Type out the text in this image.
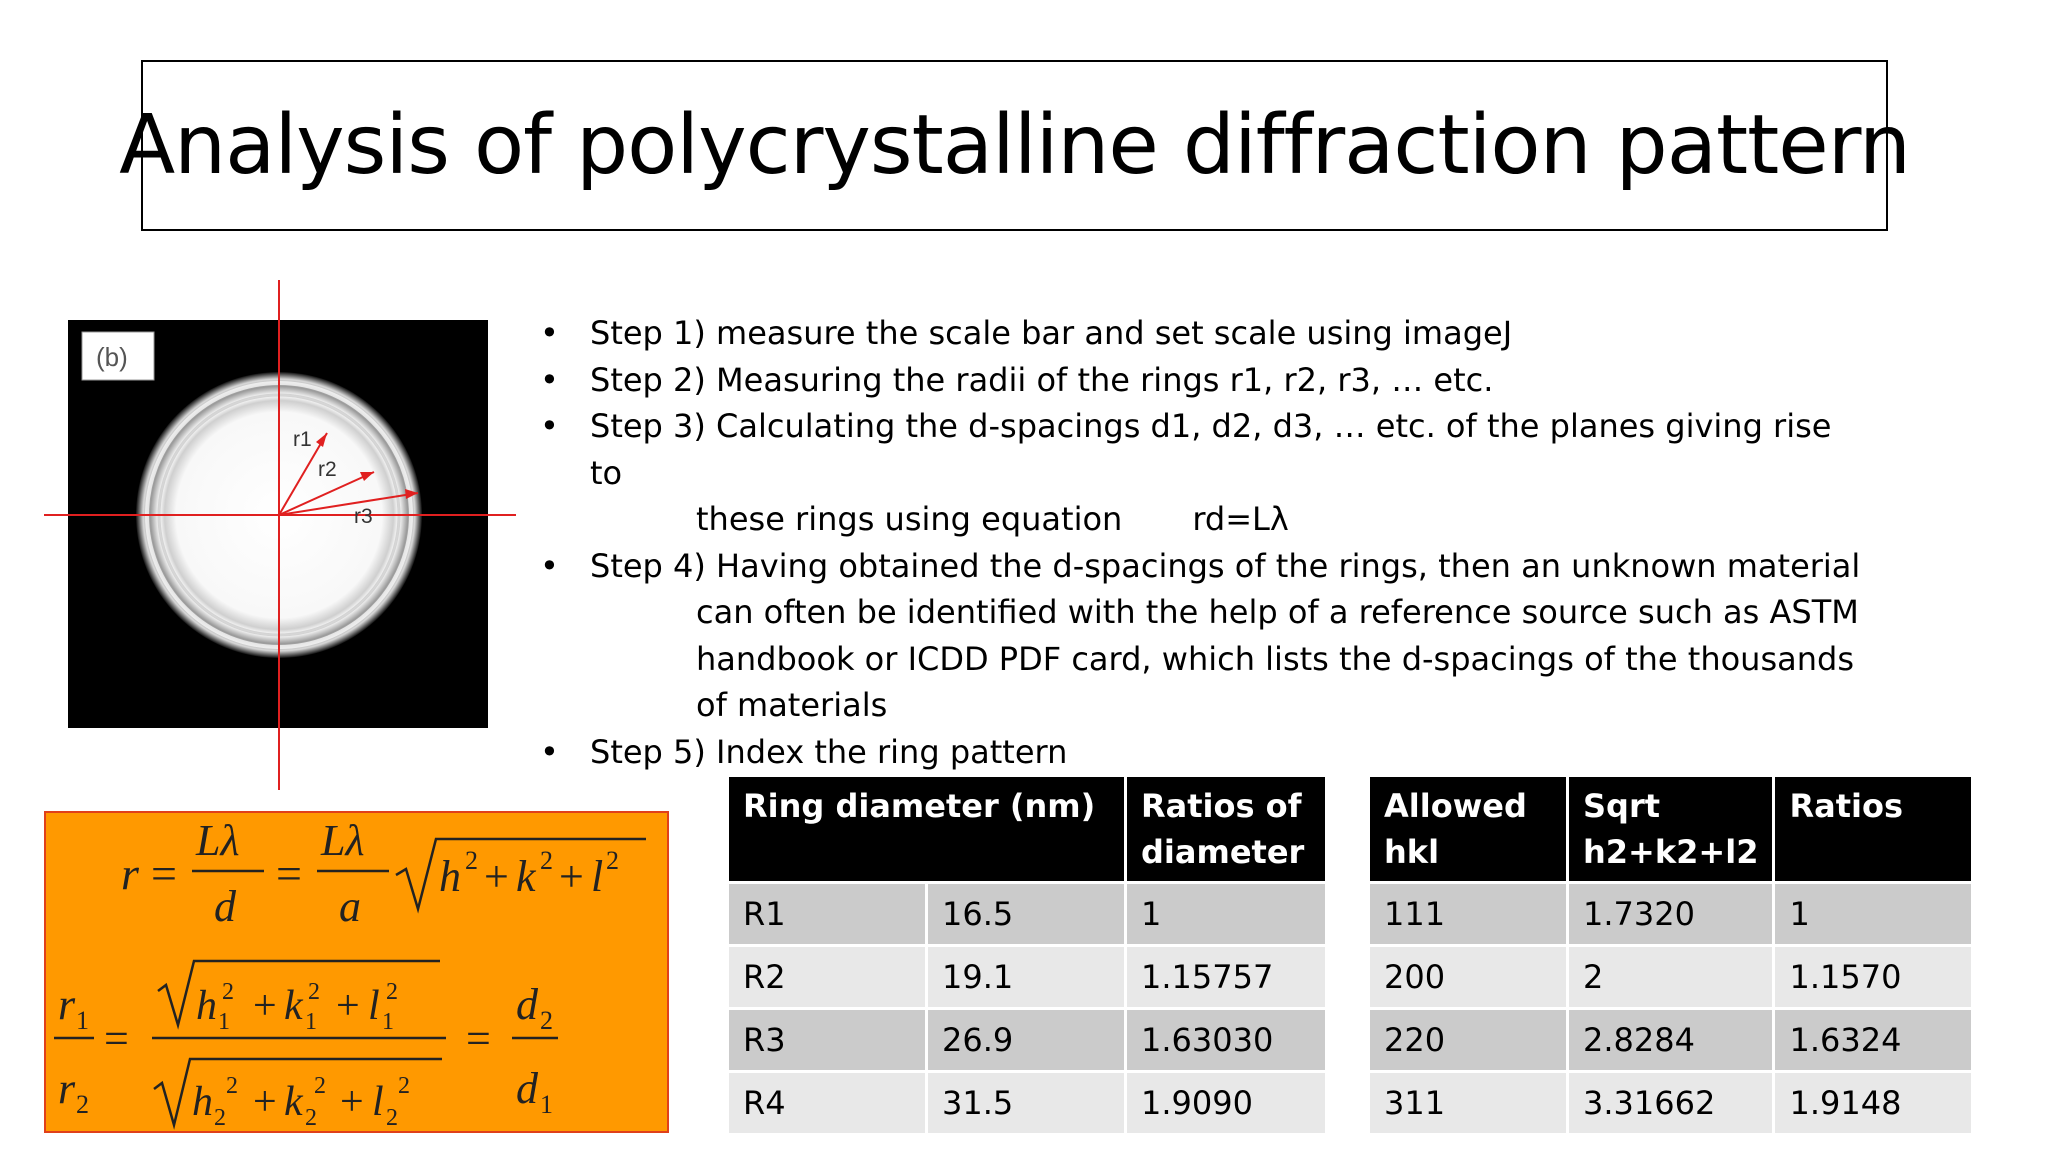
Analysis of polycrystalline diffraction pattern
(b)
r1
r2
r3
• Step 1) measure the scale bar and set scale using imageJ
• Step 2) Measuring the radii of the rings r1, r2, r3, … etc.
• Step 3) Calculating the d-spacings d1, d2, d3, … etc. of the planes giving rise to
these rings using equation rd=Lλ
• Step 4) Having obtained the d-spacings of the rings, then an unknown material
can often be identified with the help of a reference source such as ASTM
handbook or ICDD PDF card, which lists the d-spacings of the thousands
of materials
• Step 5) Index the ring pattern
r =
Lλ
d
=
Lλ
a
h 2 + k 2 + l 2
r 1
r 2
=
h 1
2 + k 1
2 + l 1
2
h 2
2 + k 2
2 + l 2
2
=
d 2
d 1
Ring diameter (nm)		Ratios of diameter
R1	16.5	1
R2	19.1	1.15757
R3	26.9	1.63030
R4	31.5	1.9090
Allowed hkl	Sqrt h2+k2+l2	Ratios
111	1.7320	1
200	2	1.1570
220	2.8284	1.6324
311	3.31662	1.9148
